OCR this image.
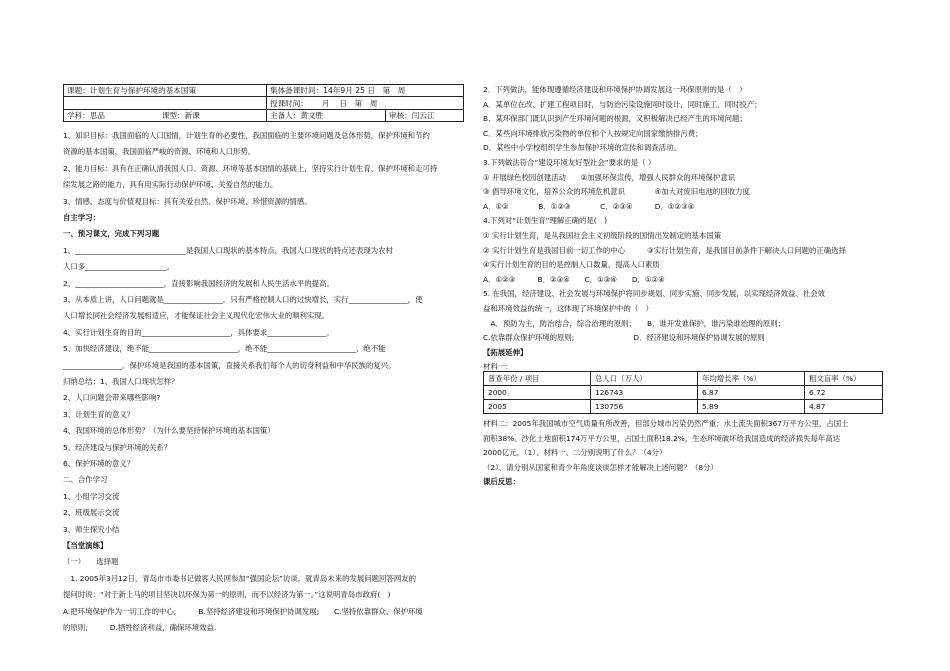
课题：计划生育与保护环境的基本国策	集体备课时间：14年9月 25 日　第　周	
	授课时间：　　 月　 日　第　周	
学科：思品 课型：新课	主备人：黄文胜	审核：闫云江
1、知识目标：我国面临的人口国情，计划生育的必要性，我国面临的主要环境问题及总体形势，保护环境和节约
资源的基本国策，我国面临严峻的资源、环境和人口形势。
2、能力目标：具有在正确认清我国人口、资源、环境等基本国情的基础上，坚持实行计划生育、保护环境和走可持
续发展之路的能力，具有用实际行动保护环境、关爱自然的能力。
3、情感、态度与价值观目标：具有关爱自然、保护环境、珍惜资源的情感。
自主学习：
一、预习课文，完成下列习题
1、______________________________是我国人口现状的基本特点，我国人口现状的特点还表现为农村
人口多______________________。
2、________________________，直接影响我国经济的发展和人民生活水平的提高。
3、从本质上讲，人口问题就是________________。只有严格控制人口的过快增长，实行________________，使
人口增长同社会经济发展相适应，才能保证社会主义现代化宏伟大业的顺利实现。
4、实行计划生育的目的________________________，具体要求________________。
5、加快经济建设，绝不能________________________，绝不能________________________，绝不能
________________。保护环境是我国的基本国策，直接关系我们每个人的切身利益和中华民族的复兴。
归纳总结：1、我国人口现状怎样？
2、人口问题会带来哪些影响?
3、计划生育的意义？
4、我国环境的总体形势？（为什么要坚持保护环境的基本国策）
5、经济建设与保护环境的关系？
6、保护环境的意义？
二、合作学习
1、小组学习交流
2、班级展示交流
3、师生探究小结
【当堂演练】
（一）　　选择题
　1. 2005年3月12日，青岛市市委书记做客人民网参加“强国论坛”访谈，就青岛未来的发展问题回答网友的
提问时说：“对于新上马的项目坚决以环保为第一的原则，而不以经济为第一。”这说明青岛市政府(　)
A.把环境保护作为一切工作的中心;　　　B.坚持经济建设和环境保护协调发展;　　C.坚持依靠群众、保护环境
的原则;　　　D.牺牲经济利益，确保环境效益.
2．下列做法，能体现遵循经济建设和环境保护协调发展这一环保原则的是（　）
A．某单位在改、扩建工程项目时，与防治污染设施同时设计，同时施工，同时投产；
B．某环保部门既认识到产生环境问题的根源，又积极解决已经产生的环境问题；
C．某些向环境排放污染物的单位和个人按规定向国家缴纳排污费；
D．某些中小学校组织学生参加保护环境的宣传和调查活动。
3.下列做法符合“建设环境友好型社会”要求的是（ ）
① 开展绿色校园创建活动　　②加强环保宣传，增强人民群众的环境保护意识
③ 倡导环境文化，培养公众的环境危机意识　　　　④加大对废旧电池的回收力度
A．①②　　　　B．①②③　　　　C．②③④　　　D．①②③④
4.下列对“计划生育”理解正确的是(　)
① 实行计划生育，是从我国社会主义初级阶段的国情出发制定的基本国策
② 实行计划生育是我国目前一切工作的中心　　　③实行计划生育，是我国目前条件下解决人口问题的正确选择
④实行计划生育的目的是控制人口数量、提高人口素质
A．①②③　　　B．②③④　　C．①③④　　D．①②④
5. 在我国，经济建设、社会发展与环境保护将同步规划、同步实施、同步发展，以实现经济效益、社会效
益和环境效益的统一，这体现了环境保护中的（　）
　A．预防为主，防治结合，综合治理的原则；　　B．谁开发谁保护，谁污染谁治理的原则；
C.依靠群众保护环境的原则;　　　　　　　　D．经济建设和环境保护协调发展的原则
【拓展延伸】
材料一：
材料二：2005年我国城市空气质量有所改善，但部分城市污染仍然严重；水土流失面积367万平方公里，占国土
面积38%。沙化土地面积174万平方公里，占国土面积18.2%，生态环境破坏给我国造成的经济损失每年高达
2000亿元。（1）、材料一、二分别说明了什么？（4分）
（2）、请分别从国家和青少年角度谈谈怎样才能解决上述问题？（8分）
课后反思：
普查年份 / 项目	总人口（万人）	年均增长率（%）	粗文盲率（%）
2000	126743	6.87	6.72
2005	130756	5.89	4.87
